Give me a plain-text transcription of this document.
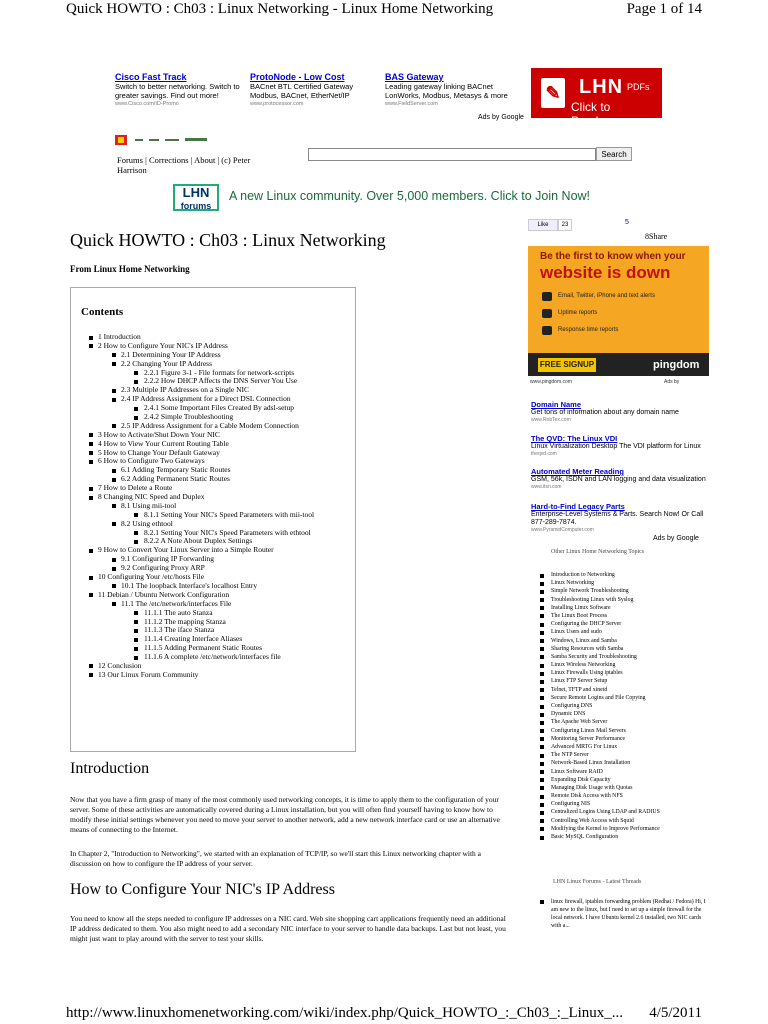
Quick HOWTO : Ch03 : Linux Networking - Linux Home Networking	Page 1 of 14
Cisco Fast Track
Switch to better networking. Switch to greater savings. Find out more!
www.Cisco.com/ID-Promo
ProtoNode - Low Cost
BACnet BTL Certified Gateway Modbus, BACnet, EtherNet/IP
www.protocessor.com
BAS Gateway
Leading gateway linking BACnet LonWorks, Modbus, Metasys & more
www.FieldServer.com
Ads by Google
✎ LHN PDFs
Click to Purchase
Forums | Corrections | About | (c) Peter Harrison
Search
LHN
forums
A new Linux community. Over 5,000 members. Click to Join Now!
Like	23	5
8Share
Quick HOWTO : Ch03 : Linux Networking
From Linux Home Networking
Contents
1 Introduction
2 How to Configure Your NIC's IP Address
2.1 Determining Your IP Address
2.2 Changing Your IP Address
2.2.1 Figure 3-1 - File formats for network-scripts
2.2.2 How DHCP Affects the DNS Server You Use
2.3 Multiple IP Addresses on a Single NIC
2.4 IP Address Assignment for a Direct DSL Connection
2.4.1 Some Important Files Created By adsl-setup
2.4.2 Simple Troubleshooting
2.5 IP Address Assignment for a Cable Modem Connection
3 How to Activate/Shut Down Your NIC
4 How to View Your Current Routing Table
5 How to Change Your Default Gateway
6 How to Configure Two Gateways
6.1 Adding Temporary Static Routes
6.2 Adding Permanent Static Routes
7 How to Delete a Route
8 Changing NIC Speed and Duplex
8.1 Using mii-tool
8.1.1 Setting Your NIC's Speed Parameters with mii-tool
8.2 Using ethtool
8.2.1 Setting Your NIC's Speed Parameters with ethtool
8.2.2 A Note About Duplex Settings
9 How to Convert Your Linux Server into a Simple Router
9.1 Configuring IP Forwarding
9.2 Configuring Proxy ARP
10 Configuring Your /etc/hosts File
10.1 The loopback Interface's localhost Entry
11 Debian / Ubuntu Network Configuration
11.1 The /etc/network/interfaces File
11.1.1 The auto Stanza
11.1.2 The mapping Stanza
11.1.3 The iface Stanza
11.1.4 Creating Interface Aliases
11.1.5 Adding Permanent Static Routes
11.1.6 A complete /etc/network/interfaces file
12 Conclusion
13 Our Linux Forum Community
Introduction
Now that you have a firm grasp of many of the most commonly used networking concepts, it is time to apply them to the configuration of your server. Some of these activities are automatically covered during a Linux installation, but you will often find yourself having to know how to modify these initial settings whenever you need to move your server to another network, add a new network interface card or use an alternative means of connecting to the Internet.
In Chapter 2, "Introduction to Networking", we started with an explanation of TCP/IP, so we'll start this Linux networking chapter with a discussion on how to configure the IP address of your server.
How to Configure Your NIC's IP Address
You need to know all the steps needed to configure IP addresses on a NIC card. Web site shopping cart applications frequently need an additional IP address dedicated to them. You also might need to add a secondary NIC interface to your server to handle data backups. Last but not least, you might just want to play around with the server to test your skills.
Be the first to know when your
website is down
Email, Twitter, iPhone and text alerts
Uptime reports
Response time reports
FREE SIGNUP	pingdom
www.pingdom.com	Ads by
Domain Name
Get tons of information about any domain name
www.RobTex.com
The QVD: The Linux VDI
Linux Virtualization Desktop The VDI platform for Linux
theqvd.com
Automated Meter Reading
GSM, 56k, ISDN and LAN logging and data visualization
www.itsn.com
Hard-to-Find Legacy Parts
Enterprise-Level Systems & Parts. Search Now! Or Call 877-289-7874.
www.PyramidComputer.com
Ads by Google
Other Linux Home Networking Topics
Introduction to Networking
Linux Networking
Simple Network Troubleshooting
Troubleshooting Linux with Syslog
Installing Linux Software
The Linux Boot Process
Configuring the DHCP Server
Linux Users and sudo
Windows, Linux and Samba
Sharing Resources with Samba
Samba Security and Troubleshooting
Linux Wireless Networking
Linux Firewalls Using iptables
Linux FTP Server Setup
Telnet, TFTP and xinetd
Secure Remote Logins and File Copying
Configuring DNS
Dynamic DNS
The Apache Web Server
Configuring Linux Mail Servers
Monitoring Server Performance
Advanced MRTG For Linux
The NTP Server
Network-Based Linux Installation
Linux Software RAID
Expanding Disk Capacity
Managing Disk Usage with Quotas
Remote Disk Access with NFS
Configuring NIS
Centralized Logins Using LDAP and RADIUS
Controlling Web Access with Squid
Modifying the Kernel to Improve Performance
Basic MySQL Configuration
LHN Linux Forums - Latest Threads
linux firewall, iptables forwarding problem (Redhat / Fedora) Hi, I am new to the linux, but I need to set up a simple firewall for the local network. I have Ubuntu kernel 2.6 installed, two NIC cards with a...
http://www.linuxhomenetworking.com/wiki/index.php/Quick_HOWTO_:_Ch03_:_Linux_... 4/5/2011
